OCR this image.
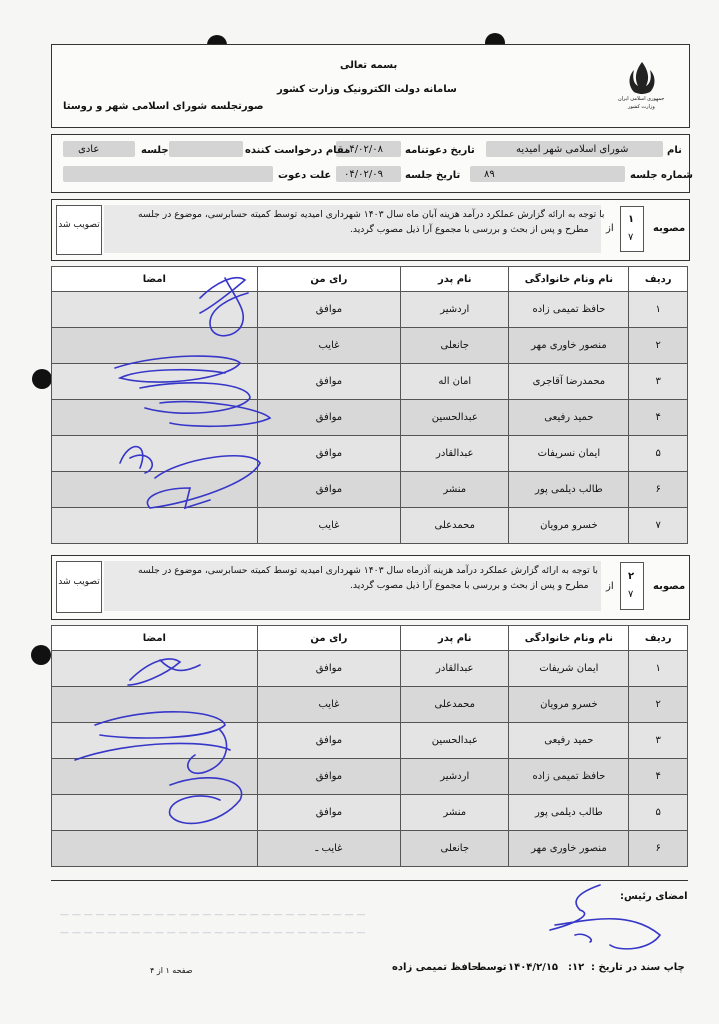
بسمه تعالی
سامانه دولت الکترونیک وزارت کشور
صورتجلسه شورای اسلامی شهر و روستا
جمهوری اسلامی ایران
وزارت کشور
نام
شورای اسلامی شهر امیدیه
تاریخ دعوتنامه
۰۴/۰۲/۰۸
مقام درخواست کننده
جلسه
عادی
شماره جلسه
۸۹
تاریخ جلسه
۰۴/۰۲/۰۹
علت دعوت
مصوبه
۱
۷
از
با توجه به ارائه گزارش عملکرد درآمد هزینه آبان ماه سال ۱۴۰۳ شهرداری امیدیه توسط کمیته حسابرسی، موضوع در جلسه
مطرح و پس از بحث و بررسی با مجموع آرا ذیل مصوب گردید.
تصویب شد
ردیف	نام ونام خانوادگی	نام پدر	رای من	امضا
۱	حافظ تمیمی زاده	اردشیر	موافق	
۲	منصور خاوری مهر	جانعلی	غایب	
۳	محمدرضا آقاجری	امان اله	موافق	
۴	حمید رفیعی	عبدالحسین	موافق	
۵	ایمان نسریفات	عبدالقادر	موافق	
۶	طالب دیلمی پور	منشر	موافق	
۷	خسرو مرویان	محمدعلی	غایب	
مصوبه
۲
۷
از
با توجه به ارائه گزارش عملکرد درآمد هزینه آذرماه سال ۱۴۰۳ شهرداری امیدیه توسط کمیته حسابرسی، موضوع در جلسه
مطرح و پس از بحث و بررسی با مجموع آرا ذیل مصوب گردید.
تصویب شد
ردیف	نام ونام خانوادگی	نام پدر	رای من	امضا
۱	ایمان شریفات	عبدالقادر	موافق	
۲	خسرو مرویان	محمدعلی	غایب	
۳	حمید رفیعی	عبدالحسین	موافق	
۴	حافظ تمیمی زاده	اردشیر	موافق	
۵	طالب دیلمی پور	منشر	موافق	
۶	منصور خاوری مهر	جانعلی	غایب ـ	
— — — — — — — — — — — — — — — — — — — — — — — — — —
— — — — — — — — — — — — — — — — — — — — — — — — — —
امضای رئیس:
چاپ سند در تاریخ :
۱۲:
۱۴۰۴/۲/۱۵
توسط
حافظ تمیمی زاده
صفحه ۱ از ۴
